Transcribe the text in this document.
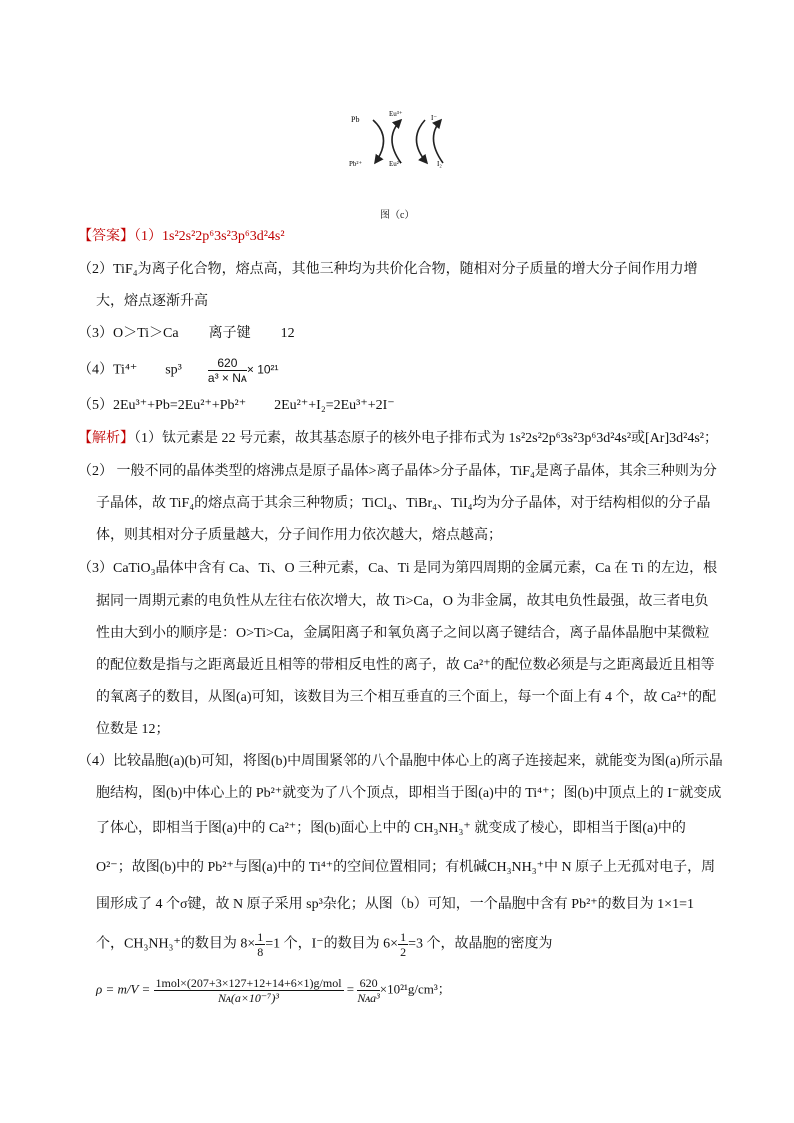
Pb
Eu³⁺	I⁻
Pb²⁺	Eu²⁺	I₂
图（c）
【答案】（1）1s²2s²2p⁶3s²3p⁶3d²4s²
（2）TiF₄为离子化合物，熔点高，其他三种均为共价化合物，随相对分子质量的增大分子间作用力增
大，熔点逐渐升高
（3）O＞Ti＞Ca 离子键 12
（4）Ti⁴⁺ $sp^3 \frac{620}{\text{a³ × Nᴀ}} \times 10^{21}$
（5）2Eu³⁺+Pb=2Eu²⁺+Pb²⁺ 2Eu²⁺+I₂=2Eu³⁺+2I⁻
【解析】（1）钛元素是 22 号元素，故其基态原子的核外电子排布式为 1s²2s²2p⁶3s²3p⁶3d²4s²或[Ar]3d²4s²；
（2） 一般不同的晶体类型的熔沸点是原子晶体>离子晶体>分子晶体，TiF₄是离子晶体，其余三种则为分
子晶体，故 TiF₄的熔点高于其余三种物质；TiCl₄、TiBr₄、TiI₄均为分子晶体，对于结构相似的分子晶
体，则其相对分子质量越大，分子间作用力依次越大，熔点越高；
（3）CaTiO₃晶体中含有 Ca、Ti、O 三种元素，Ca、Ti 是同为第四周期的金属元素，Ca 在 Ti 的左边，根
据同一周期元素的电负性从左往右依次增大，故 Ti>Ca，O 为非金属，故其电负性最强，故三者电负
性由大到小的顺序是：O>Ti>Ca，金属阳离子和氧负离子之间以离子键结合，离子晶体晶胞中某微粒
的配位数是指与之距离最近且相等的带相反电性的离子，故 Ca²⁺的配位数必须是与之距离最近且相等
的氧离子的数目，从图(a)可知，该数目为三个相互垂直的三个面上，每一个面上有 4 个，故 Ca²⁺的配
位数是 12；
（4）比较晶胞(a)(b)可知，将图(b)中周围紧邻的八个晶胞中体心上的离子连接起来，就能变为图(a)所示晶
胞结构，图(b)中体心上的 Pb²⁺就变为了八个顶点，即相当于图(a)中的 Ti⁴⁺；图(b)中顶点上的 I⁻就变成
了体心，即相当于图(a)中的 Ca²⁺；图(b)面心上中的 CH₃NH₃⁺ 就变成了棱心，即相当于图(a)中的
O²⁻；故图(b)中的 Pb²⁺与图(a)中的 Ti⁴⁺的空间位置相同；有机碱CH₃NH₃⁺中 N 原子上无孤对电子，周
围形成了 4 个σ键，故 N 原子采用 sp³杂化；从图（b）可知，一个晶胞中含有 Pb²⁺的数目为 1×1=1
个，CH₃NH₃⁺的数目为 $8\times \frac{1}{8} =1$ 个，I⁻的数目为 $6\times \frac{1}{2} =3$ 个，故晶胞的密度为
$\rho = m/V = \frac{\text{1mol×(207+3×127+12+14+6×1)g/mol}}{\text{Nᴀ(a×10⁻⁷)³}} = \frac{620}{\text{Nᴀa³}} \times 10^{21}g/cm^3$；
